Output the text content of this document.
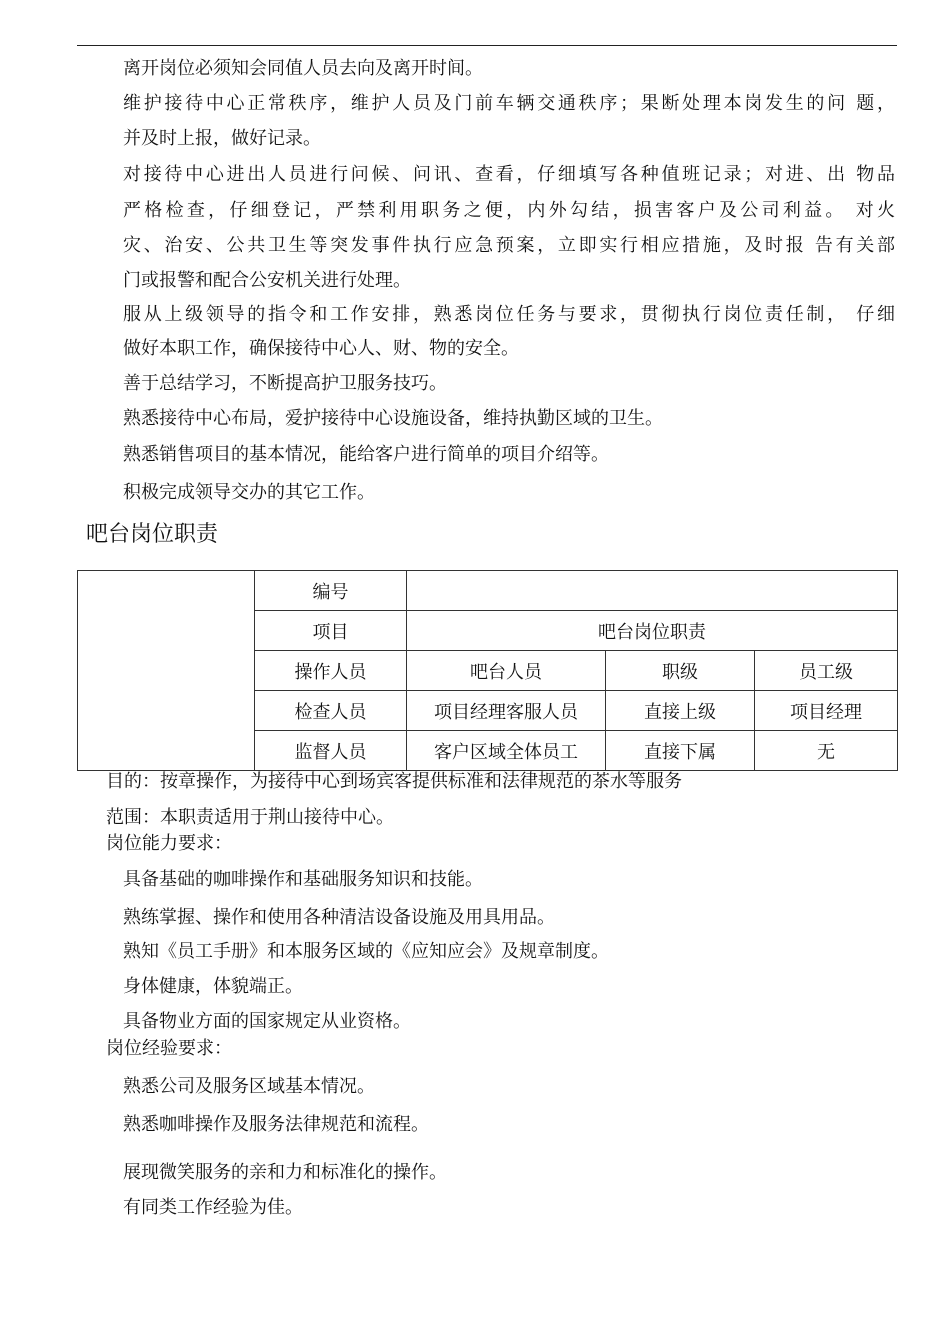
离开岗位必须知会同值人员去向及离开时间。
维护接待中心正常秩序，维护人员及门前车辆交通秩序；果断处理本岗发生的问 题，
并及时上报，做好记录。
对接待中心进出人员进行问候、问讯、查看，仔细填写各种值班记录；对进、出 物品
严格检查，仔细登记，严禁利用职务之便，内外勾结，损害客户及公司利益。 对火
灾、治安、公共卫生等突发事件执行应急预案，立即实行相应措施，及时报 告有关部
门或报警和配合公安机关进行处理。
服从上级领导的指令和工作安排，熟悉岗位任务与要求，贯彻执行岗位责任制， 仔细
做好本职工作，确保接待中心人、财、物的安全。
善于总结学习，不断提高护卫服务技巧。
熟悉接待中心布局，爱护接待中心设施设备，维持执勤区域的卫生。
熟悉销售项目的基本情况，能给客户进行简单的项目介绍等。
积极完成领导交办的其它工作。
吧台岗位职责
	编号			
	项目	吧台岗位职责		
	操作人员	吧台人员	职级	员工级
	检查人员	项目经理客服人员	直接上级	项目经理
	监督人员	客户区域全体员工	直接下属	无
目的：按章操作，为接待中心到场宾客提供标准和法律规范的茶水等服务
范围：本职责适用于荆山接待中心。
岗位能力要求：
具备基础的咖啡操作和基础服务知识和技能。
熟练掌握、操作和使用各种清洁设备设施及用具用品。
熟知《员工手册》和本服务区域的《应知应会》及规章制度。
身体健康，体貌端正。
具备物业方面的国家规定从业资格。
岗位经验要求：
熟悉公司及服务区域基本情况。
熟悉咖啡操作及服务法律规范和流程。
展现微笑服务的亲和力和标准化的操作。
有同类工作经验为佳。
